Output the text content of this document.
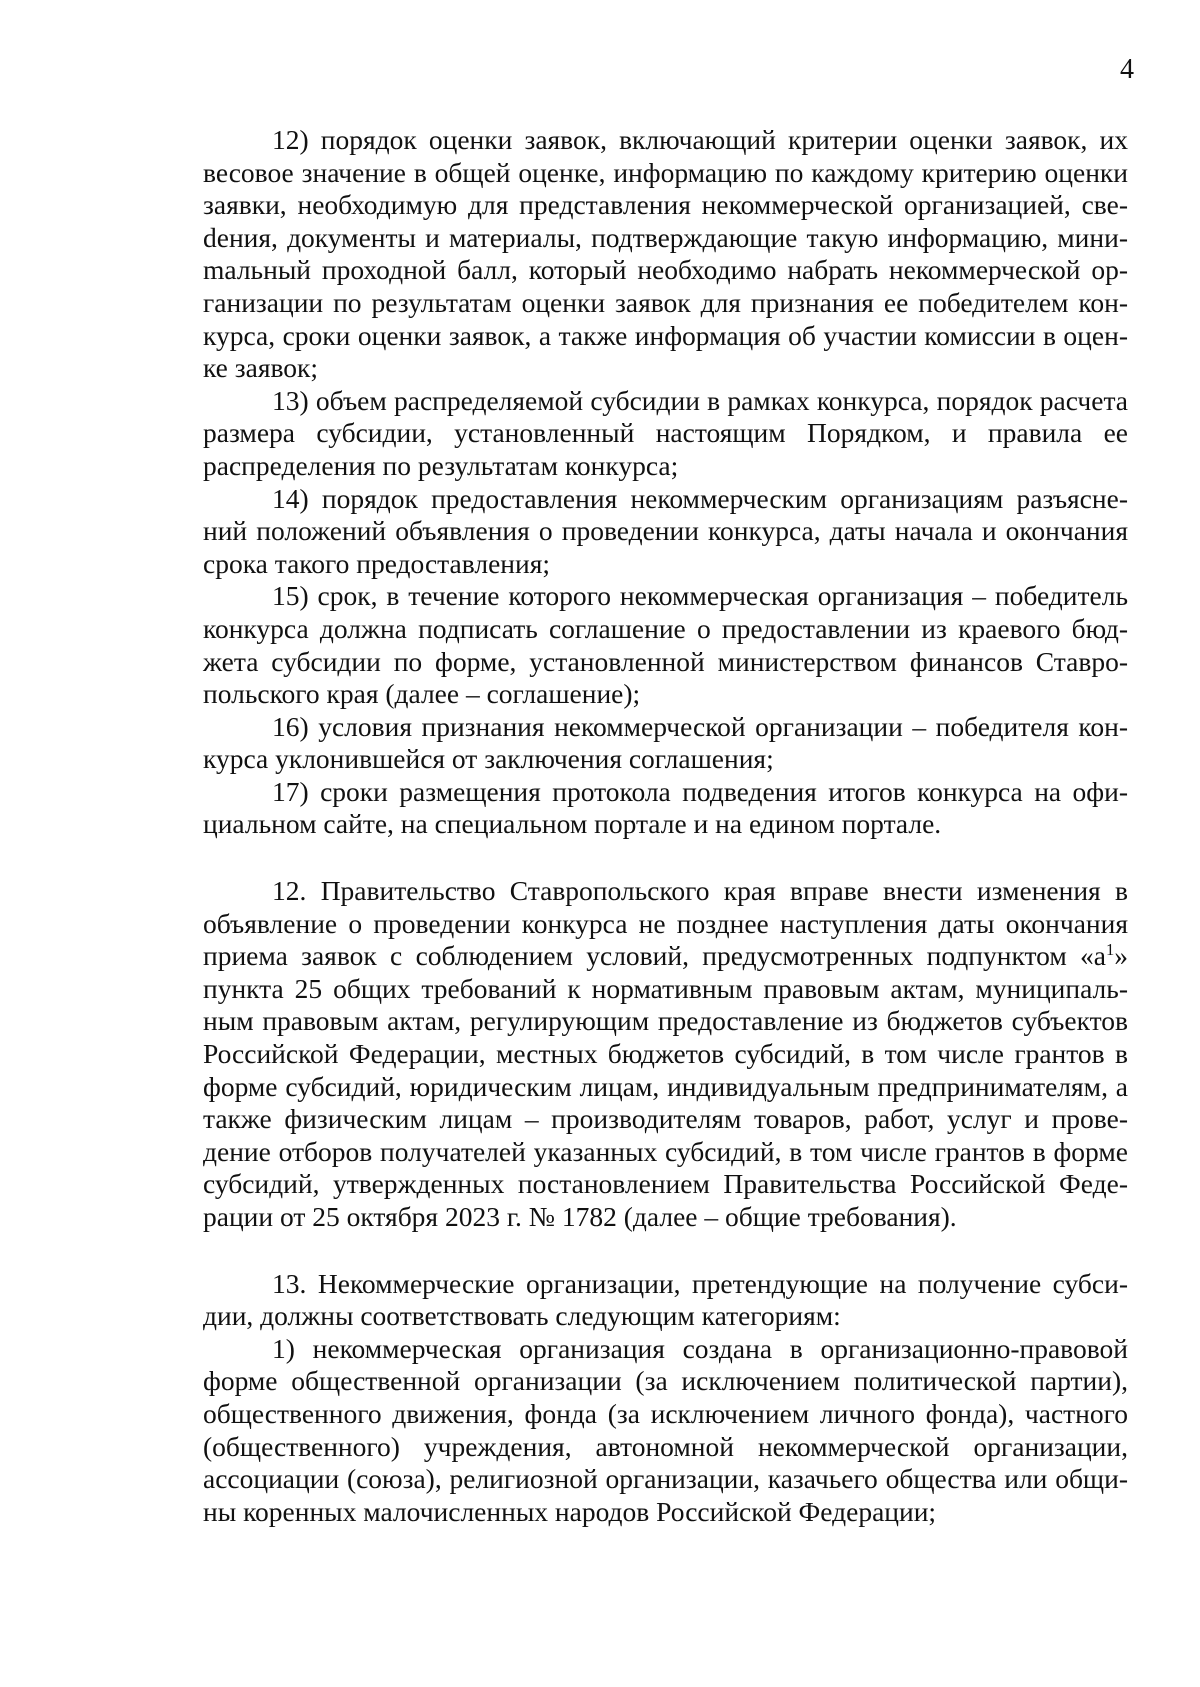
4

12) порядок оценки заявок, включающий критерии оценки заявок, их весовое значение в общей оценке, информацию по каждому критерию оценки заявки, необходимую для представления некоммерческой организацией, свеdения, документы и материалы, подтверждающие такую информацию, миниmальный проходной балл, который необходимо набрать некоммерческой организации по результатам оценки заявок для признания ее победителем конкурса, сроки оценки заявок, а также информация об участии комиссии в оценке заявок;

13) объем распределяемой субсидии в рамках конкурса, порядок расчета размера субсидии, установленный настоящим Порядком, и правила ее распределения по результатам конкурса;

14) порядок предоставления некоммерческим организациям разъяснений положений объявления о проведении конкурса, даты начала и окончания срока такого предоставления;

15) срок, в течение которого некоммерческая организация – победитель конкурса должна подписать соглашение о предоставлении из краевого бюджета субсидии по форме, установленной министерством финансов Ставропольского края (далее – соглашение);

16) условия признания некоммерческой организации – победителя конкурса уклонившейся от заключения соглашения;

17) сроки размещения протокола подведения итогов конкурса на официальном сайте, на специальном портале и на едином портале.

12. Правительство Ставропольского края вправе внести изменения в объявление о проведении конкурса не позднее наступления даты окончания приема заявок с соблюдением условий, предусмотренных подпунктом «$а^1$» пункта 25 общих требований к нормативным правовым актам, муниципальным правовым актам, регулирующим предоставление из бюджетов субъектов Российской Федерации, местных бюджетов субсидий, в том числе грантов в форме субсидий, юридическим лицам, индивидуальным предпринимателям, а также физическим лицам – производителям товаров, работ, услуг и проведение отборов получателей указанных субсидий, в том числе грантов в форме субсидий, утвержденных постановлением Правительства Российской Федерации от 25 октября 2023 г. № 1782 (далее – общие требования).

13. Некоммерческие организации, претендующие на получение субсидии, должны соответствовать следующим категориям:

1) некоммерческая организация создана в организационно-правовой форме общественной организации (за исключением политической партии), общественного движения, фонда (за исключением личного фонда), частного (общественного) учреждения, автономной некоммерческой организации, ассоциации (союза), религиозной организации, казачьего общества или общины коренных малочисленных народов Российской Федерации;
